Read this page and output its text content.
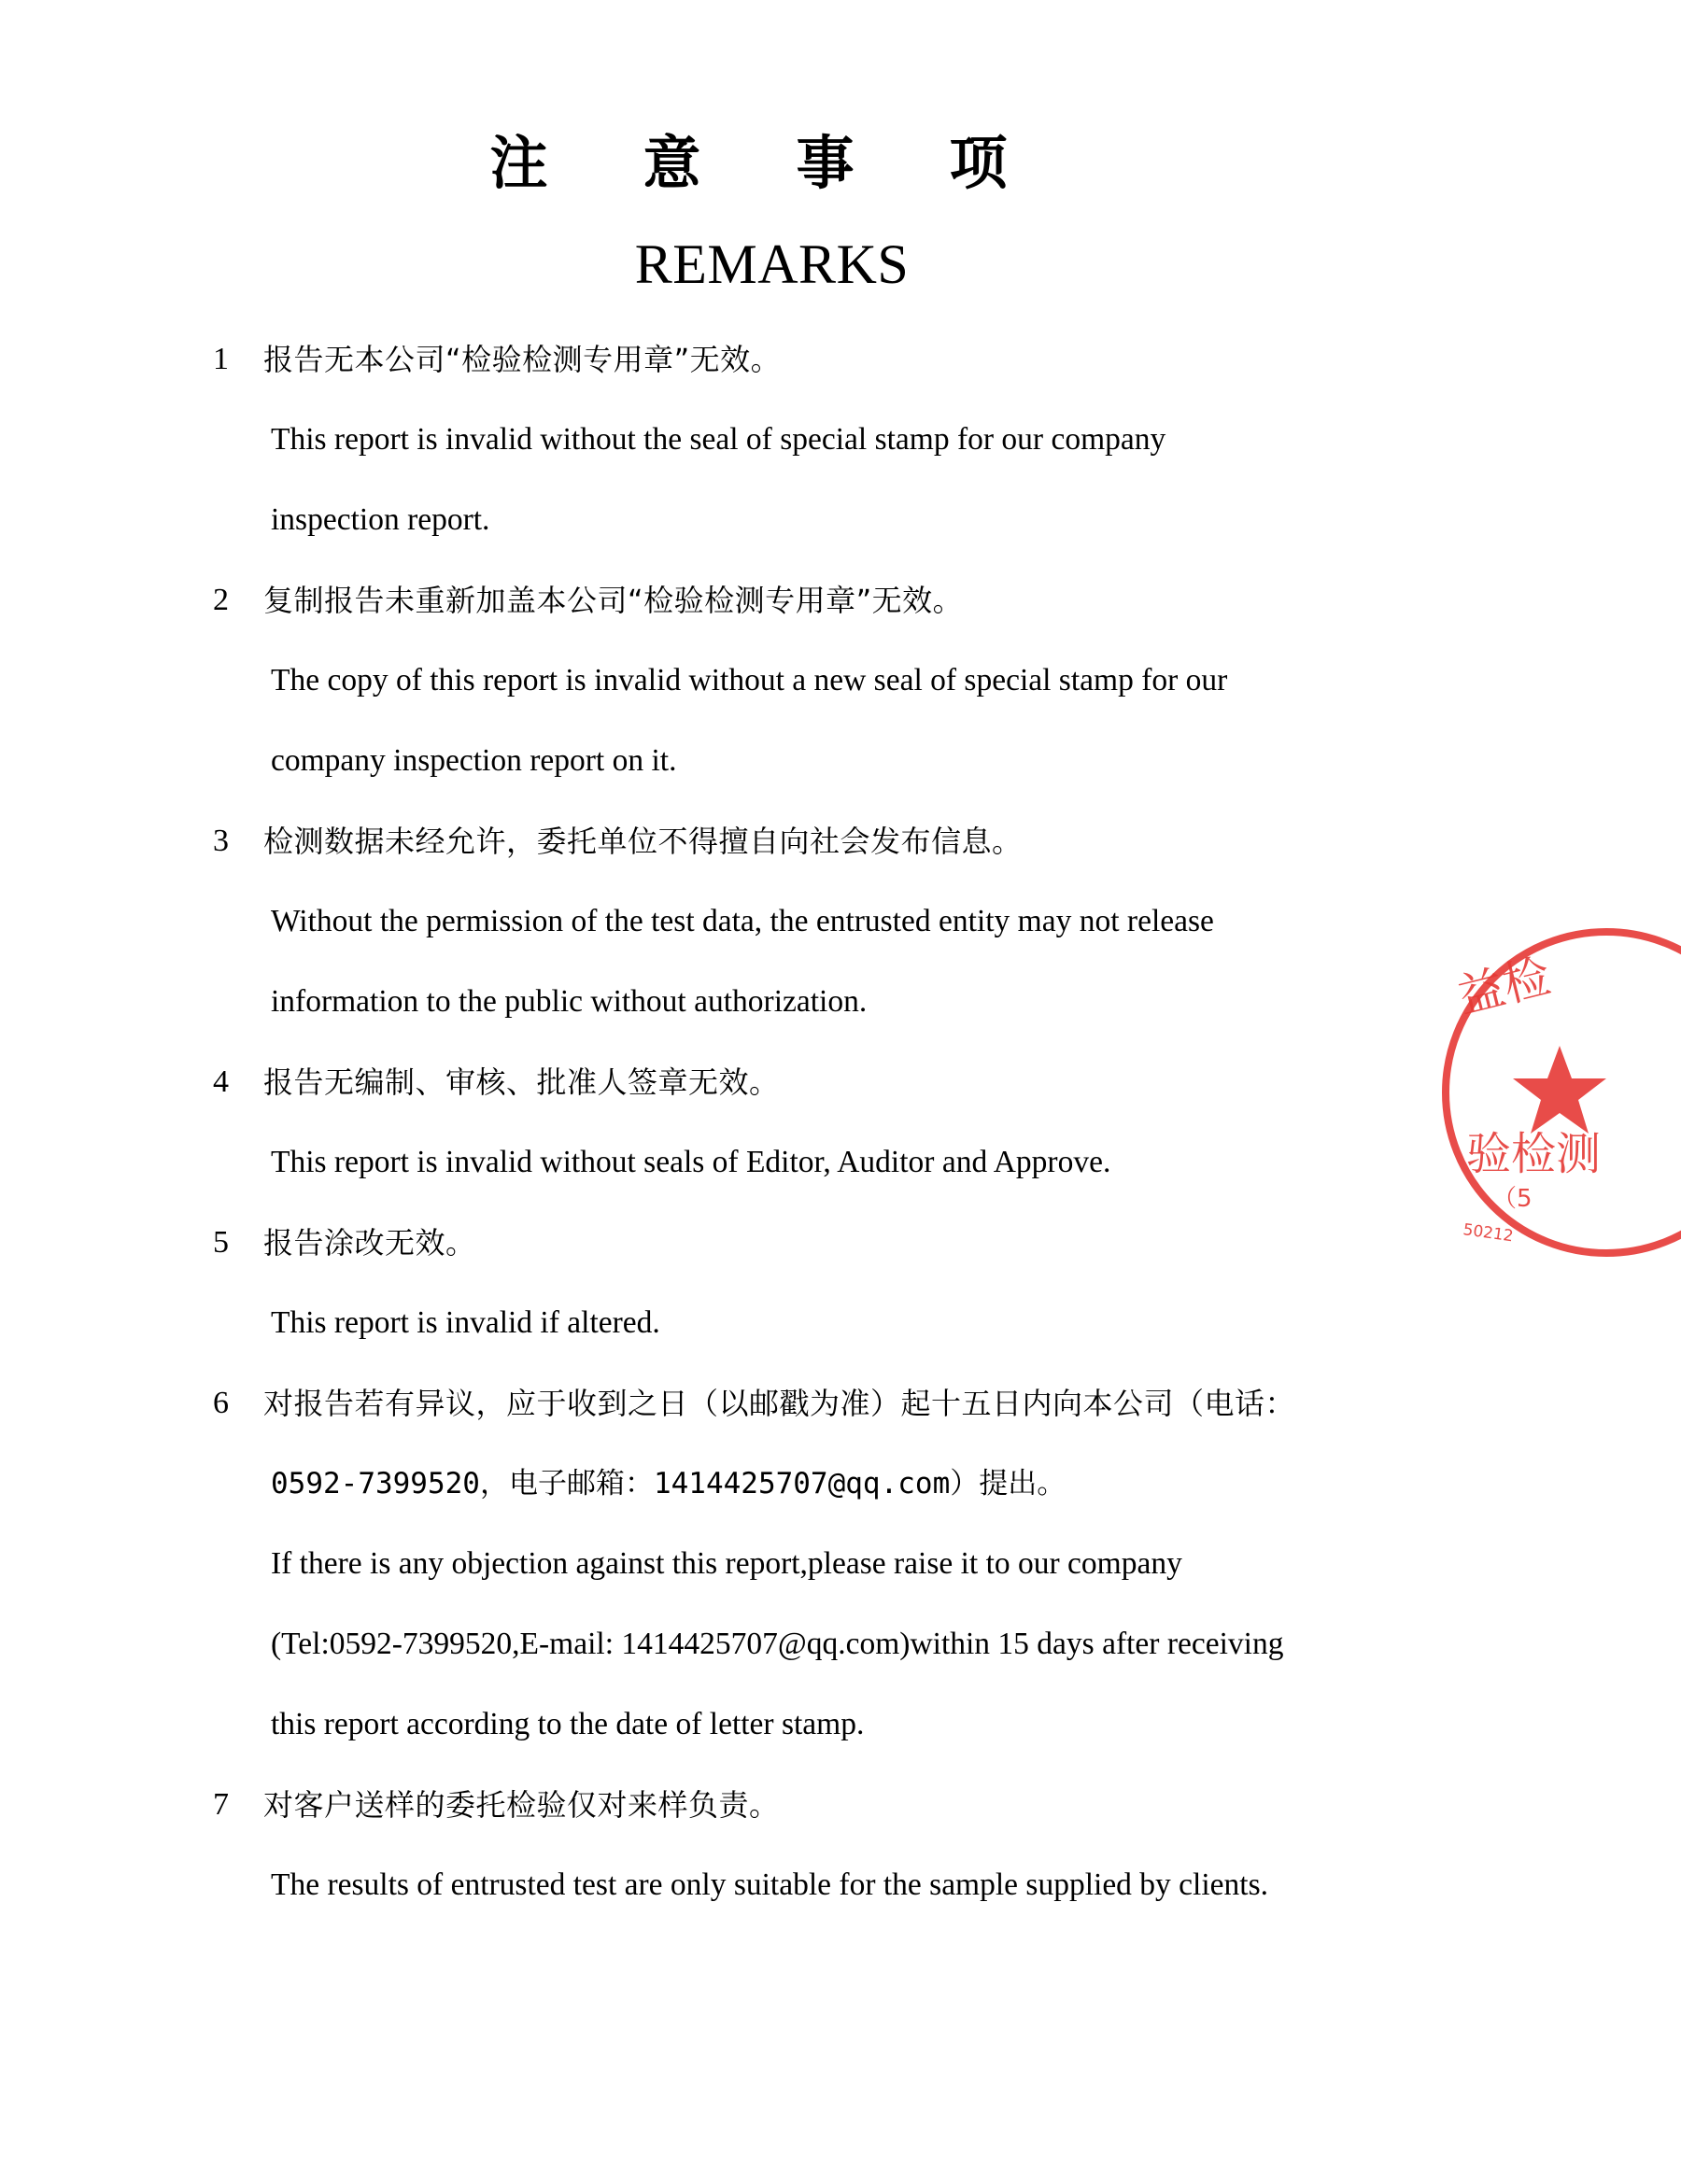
注 意 事 项
REMARKS
1 报告无本公司“检验检测专用章”无效。
This report is invalid without the seal of special stamp for our company
inspection report.
2 复制报告未重新加盖本公司“检验检测专用章”无效。
The copy of this report is invalid without a new seal of special stamp for our
company inspection report on it.
3 检测数据未经允许，委托单位不得擅自向社会发布信息。
Without the permission of the test data, the entrusted entity may not release
information to the public without authorization.
4 报告无编制、审核、批准人签章无效。
This report is invalid without seals of Editor, Auditor and Approve.
5 报告涂改无效。
This report is invalid if altered.
6 对报告若有异议，应于收到之日（以邮戳为准）起十五日内向本公司（电话：
0592-7399520，电子邮箱：1414425707@qq.com）提出。
If there is any objection against this report,please raise it to our company
(Tel:0592-7399520,E-mail: 1414425707@qq.com)within 15 days after receiving
this report according to the date of letter stamp.
7 对客户送样的委托检验仅对来样负责。
The results of entrusted test are only suitable for the sample supplied by clients.
益检
验检测
（5
50212
